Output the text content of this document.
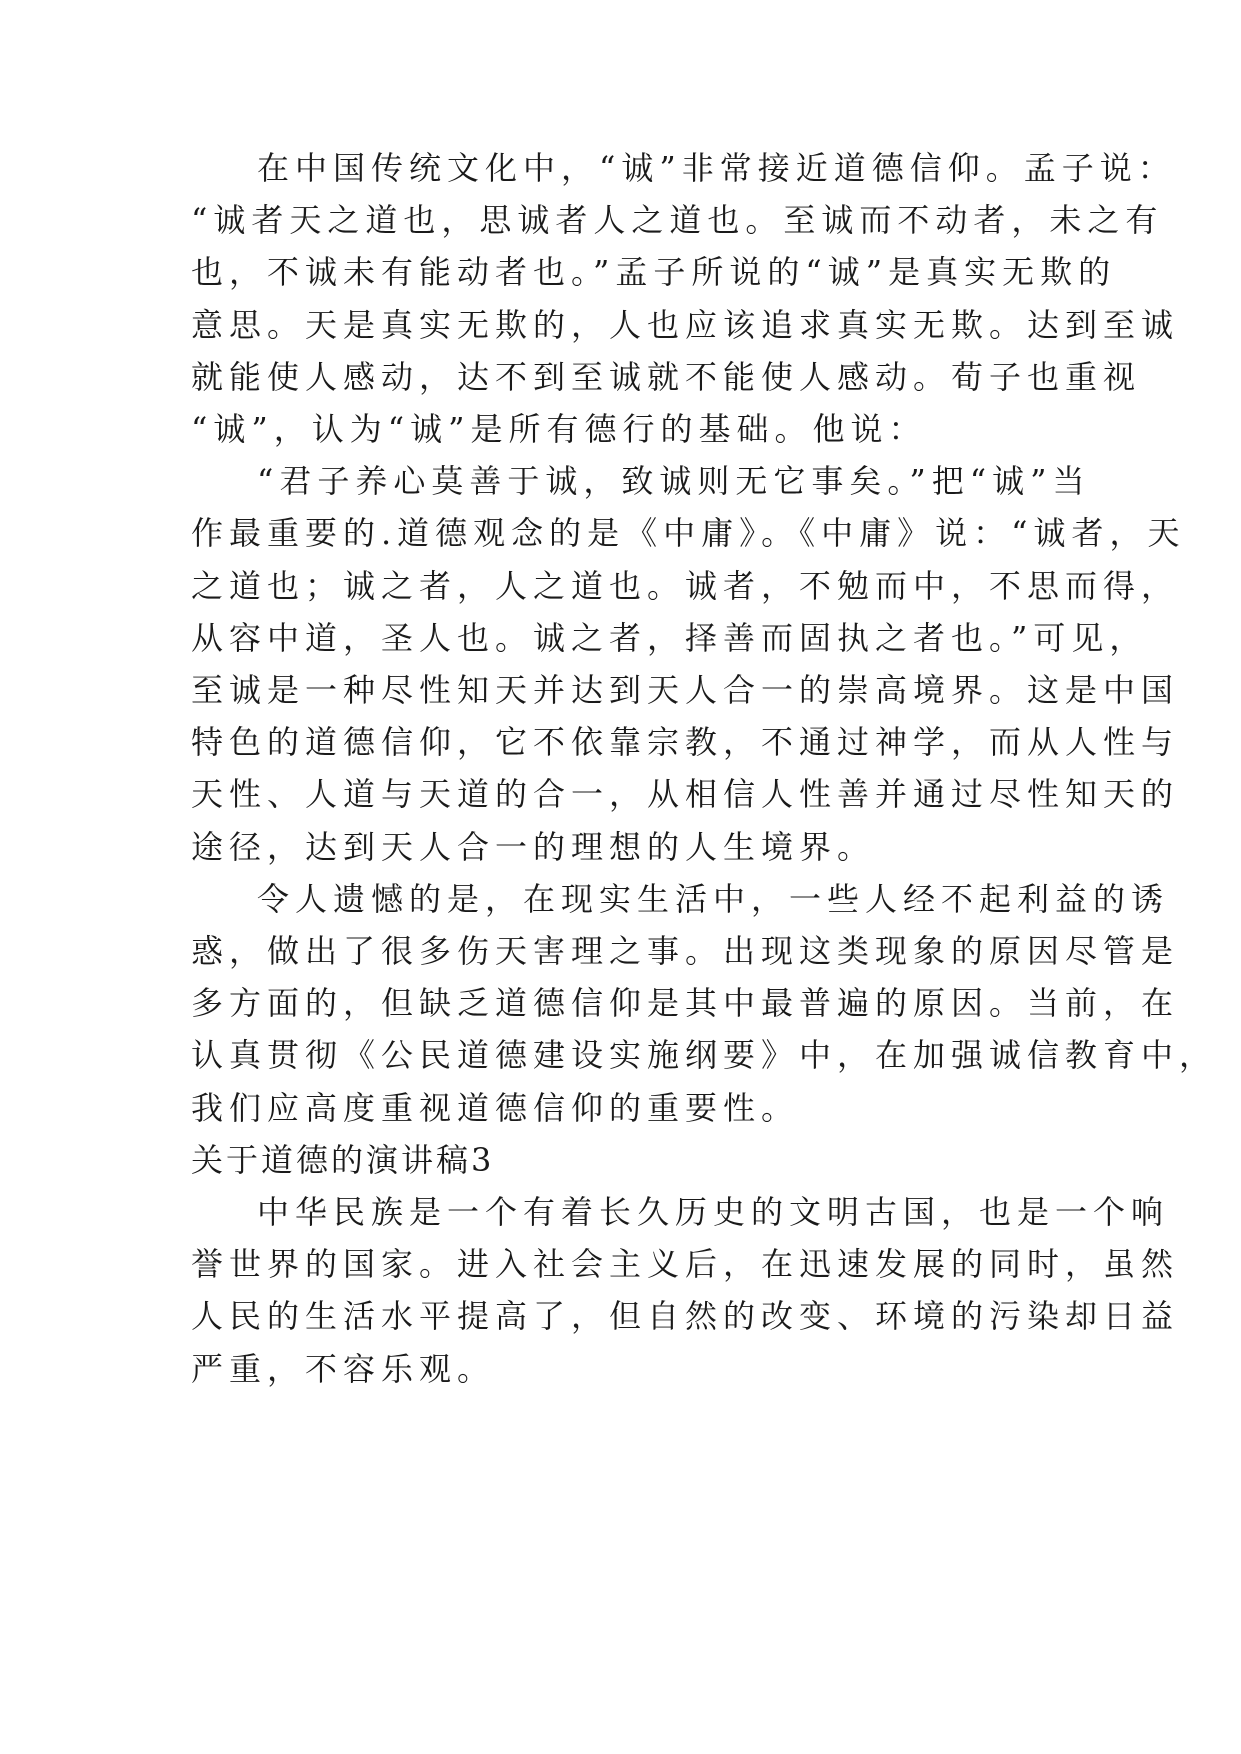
在中国传统文化中，“诚”非常接近道德信仰。孟子说：
“诚者天之道也，思诚者人之道也。至诚而不动者，未之有
也，不诚未有能动者也。”孟子所说的“诚”是真实无欺的
意思。天是真实无欺的，人也应该追求真实无欺。达到至诚
就能使人感动，达不到至诚就不能使人感动。荀子也重视
“诚”，认为“诚”是所有德行的基础。他说：
“君子养心莫善于诚，致诚则无它事矣。”把“诚”当
作最重要的.道德观念的是《中庸》。《中庸》说：“诚者，天
之道也；诚之者，人之道也。诚者，不勉而中，不思而得，
从容中道，圣人也。诚之者，择善而固执之者也。”可见，
至诚是一种尽性知天并达到天人合一的崇高境界。这是中国
特色的道德信仰，它不依靠宗教，不通过神学，而从人性与
天性、人道与天道的合一，从相信人性善并通过尽性知天的
途径，达到天人合一的理想的人生境界。
令人遗憾的是，在现实生活中，一些人经不起利益的诱
惑，做出了很多伤天害理之事。出现这类现象的原因尽管是
多方面的，但缺乏道德信仰是其中最普遍的原因。当前，在
认真贯彻《公民道德建设实施纲要》中，在加强诚信教育中，
我们应高度重视道德信仰的重要性。
关于道德的演讲稿3
中华民族是一个有着长久历史的文明古国，也是一个响
誉世界的国家。进入社会主义后，在迅速发展的同时，虽然
人民的生活水平提高了，但自然的改变、环境的污染却日益
严重，不容乐观。
